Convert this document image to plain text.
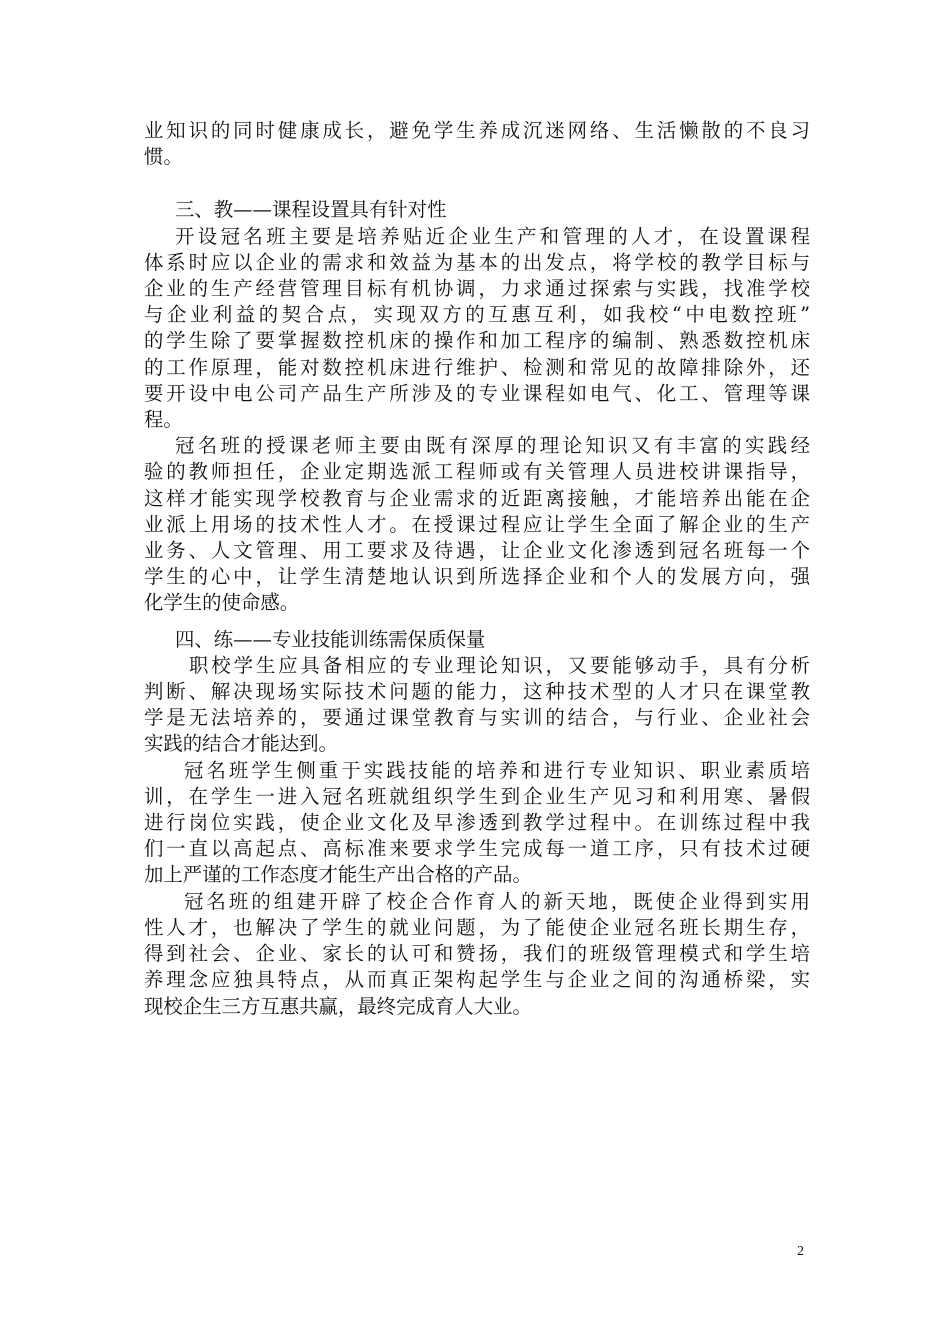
业知识的同时健康成长，避免学生养成沉迷网络、生活懒散的不良习
惯。
三、教——课程设置具有针对性
开设冠名班主要是培养贴近企业生产和管理的人才，在设置课程
体系时应以企业的需求和效益为基本的出发点，将学校的教学目标与
企业的生产经营管理目标有机协调，力求通过探索与实践，找准学校
与企业利益的契合点，实现双方的互惠互利，如我校“中电数控班”
的学生除了要掌握数控机床的操作和加工程序的编制、熟悉数控机床
的工作原理，能对数控机床进行维护、检测和常见的故障排除外，还
要开设中电公司产品生产所涉及的专业课程如电气、化工、管理等课
程。
冠名班的授课老师主要由既有深厚的理论知识又有丰富的实践经
验的教师担任，企业定期选派工程师或有关管理人员进校讲课指导，
这样才能实现学校教育与企业需求的近距离接触，才能培养出能在企
业派上用场的技术性人才。在授课过程应让学生全面了解企业的生产
业务、人文管理、用工要求及待遇，让企业文化渗透到冠名班每一个
学生的心中，让学生清楚地认识到所选择企业和个人的发展方向，强
化学生的使命感。
四、练——专业技能训练需保质保量
职校学生应具备相应的专业理论知识，又要能够动手，具有分析
判断、解决现场实际技术问题的能力，这种技术型的人才只在课堂教
学是无法培养的，要通过课堂教育与实训的结合，与行业、企业社会
实践的结合才能达到。
冠名班学生侧重于实践技能的培养和进行专业知识、职业素质培
训，在学生一进入冠名班就组织学生到企业生产见习和利用寒、暑假
进行岗位实践，使企业文化及早渗透到教学过程中。在训练过程中我
们一直以高起点、高标准来要求学生完成每一道工序，只有技术过硬
加上严谨的工作态度才能生产出合格的产品。
冠名班的组建开辟了校企合作育人的新天地，既使企业得到实用
性人才，也解决了学生的就业问题，为了能使企业冠名班长期生存，
得到社会、企业、家长的认可和赞扬，我们的班级管理模式和学生培
养理念应独具特点，从而真正架构起学生与企业之间的沟通桥梁，实
现校企生三方互惠共赢，最终完成育人大业。
2
